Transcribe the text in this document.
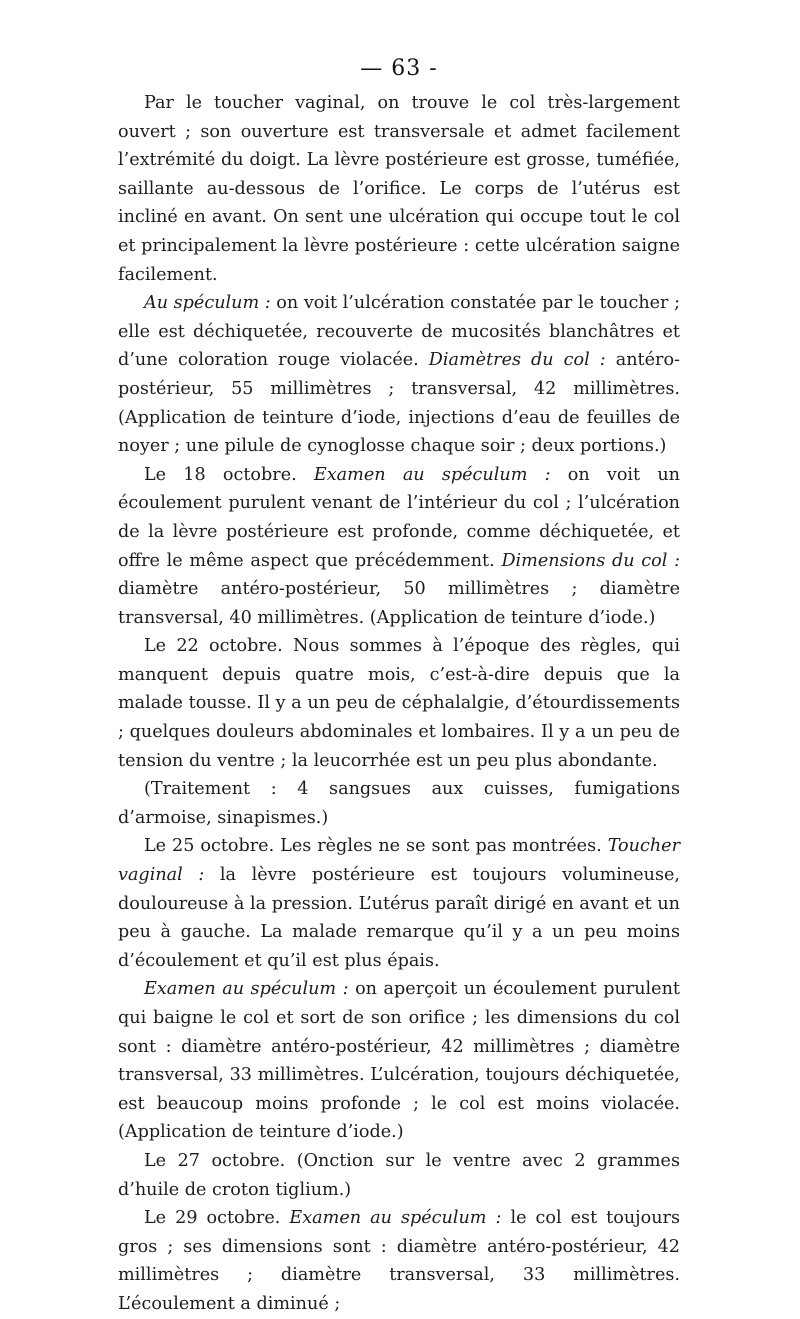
— 63 -

Par le toucher vaginal, on trouve le col très-largement ouvert ; son ouverture est transversale et admet facilement l’extrémité du doigt. La lèvre postérieure est grosse, tuméfiée, saillante au-dessous de l’orifice. Le corps de l’utérus est incliné en avant. On sent une ulcération qui occupe tout le col et principalement la lèvre postérieure : cette ulcération saigne facilement.

Au spéculum : on voit l’ulcération constatée par le toucher ; elle est déchiquetée, recouverte de mucosités blanchâtres et d’une coloration rouge violacée. Diamètres du col : antéro-postérieur, 55 millimètres ; transversal, 42 millimètres. (Application de teinture d’iode, injections d’eau de feuilles de noyer ; une pilule de cynoglosse chaque soir ; deux portions.)

Le 18 octobre. Examen au spéculum : on voit un écoulement purulent venant de l’intérieur du col ; l’ulcération de la lèvre postérieure est profonde, comme déchiquetée, et offre le même aspect que précédemment. Dimensions du col : diamètre antéro-postérieur, 50 millimètres ; diamètre transversal, 40 millimètres. (Application de teinture d’iode.)

Le 22 octobre. Nous sommes à l’époque des règles, qui manquent depuis quatre mois, c’est-à-dire depuis que la malade tousse. Il y a un peu de céphalalgie, d’étourdissements ; quelques douleurs abdominales et lombaires. Il y a un peu de tension du ventre ; la leucorrhée est un peu plus abondante.

(Traitement : 4 sangsues aux cuisses, fumigations d’armoise, sinapismes.)

Le 25 octobre. Les règles ne se sont pas montrées. Toucher vaginal : la lèvre postérieure est toujours volumineuse, douloureuse à la pression. L’utérus paraît dirigé en avant et un peu à gauche. La malade remarque qu’il y a un peu moins d’écoulement et qu’il est plus épais.

Examen au spéculum : on aperçoit un écoulement purulent qui baigne le col et sort de son orifice ; les dimensions du col sont : diamètre antéro-postérieur, 42 millimètres ; diamètre transversal, 33 millimètres. L’ulcération, toujours déchiquetée, est beaucoup moins profonde ; le col est moins violacée. (Application de teinture d’iode.)

Le 27 octobre. (Onction sur le ventre avec 2 grammes d’huile de croton tiglium.)

Le 29 octobre. Examen au spéculum : le col est toujours gros ; ses dimensions sont : diamètre antéro-postérieur, 42 millimètres ; diamètre transversal, 33 millimètres. L’écoulement a diminué ;
